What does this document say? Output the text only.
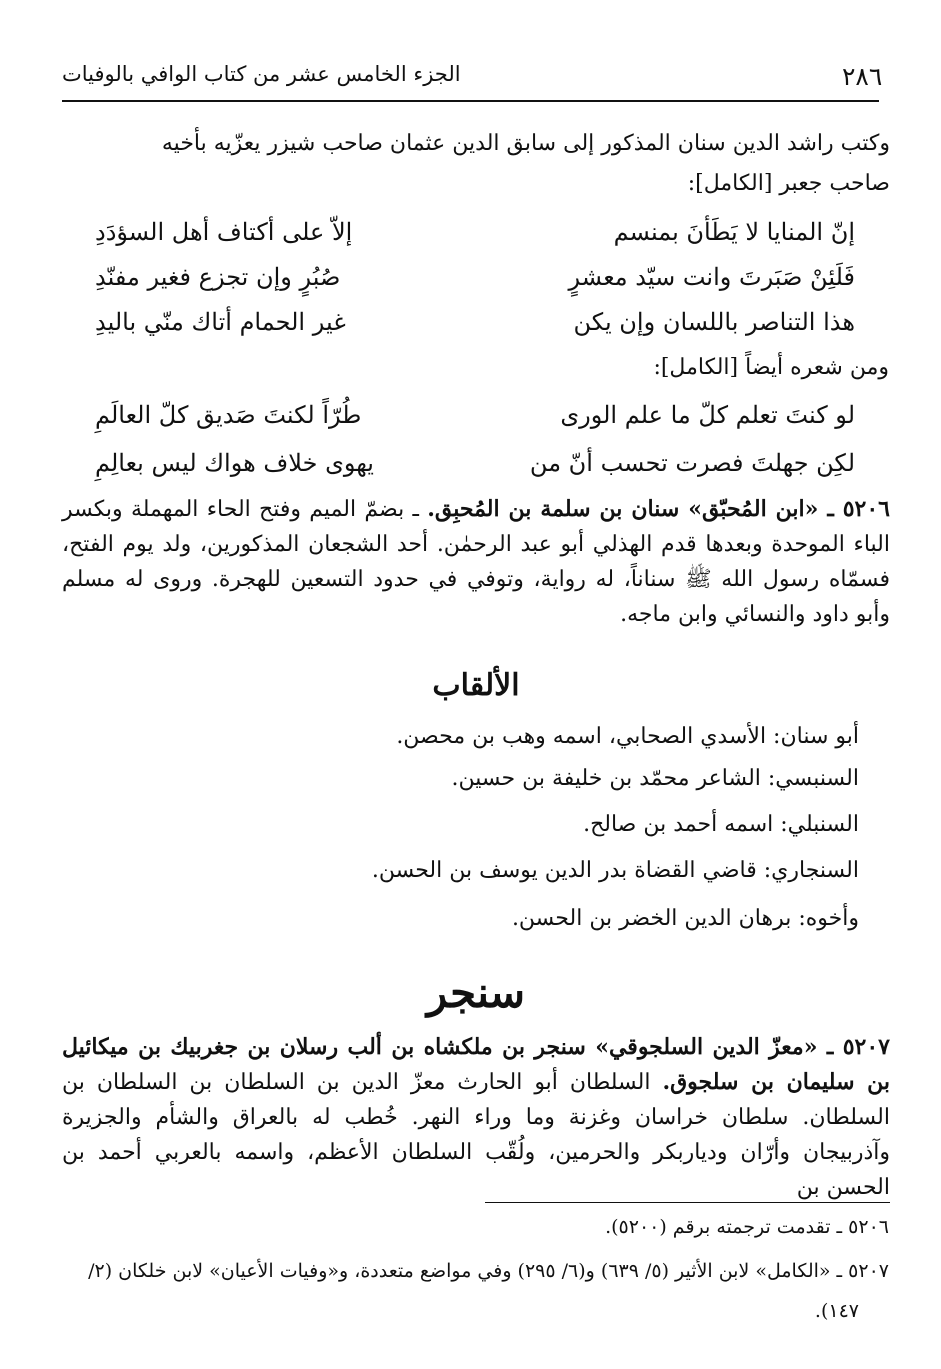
٢٨٦
الجزء الخامس عشر من كتاب الوافي بالوفيات
وكتب راشد الدين سنان المذكور إلى سابق الدين عثمان صاحب شيزر يعزّيه بأخيه
صاحب جعبر [الكامل]:
إنّ المنايا لا يَطَأنَ بمنسم
إلاّ على أكتاف أهل السؤدَدِ
فَلَئِنْ صَبَرتَ وانت سيّد معشرٍ
صُبُرٍ وإن تجزع فغير مفنّدِ
هذا التناصر باللسان وإن يكن
غير الحمام أتاك منّي باليدِ
ومن شعره أيضاً [الكامل]:
لو كنتَ تعلم كلّ ما علم الورى
طُرّاً لكنتَ صَديق كلّ العالَمِ
لكِن جهلتَ فصرت تحسب أنّ من
يهوى خلاف هواك ليس بعالِمِ
٥٢٠٦ ـ «ابن المُحبّق» سنان بن سلمة بن المُحبِق. ـ بضمّ الميم وفتح الحاء المهملة وبكسر الباء الموحدة وبعدها قدم الهذلي أبو عبد الرحمٰن. أحد الشجعان المذكورين، ولد يوم الفتح، فسمّاه رسول الله ﷺ سناناً، له رواية، وتوفي في حدود التسعين للهجرة. وروى له مسلم وأبو داود والنسائي وابن ماجه.
الألقاب
أبو سنان: الأسدي الصحابي، اسمه وهب بن محصن.
السنبسي: الشاعر محمّد بن خليفة بن حسين.
السنبلي: اسمه أحمد بن صالح.
السنجاري: قاضي القضاة بدر الدين يوسف بن الحسن.
وأخوه: برهان الدين الخضر بن الحسن.
سنجر
٥٢٠٧ ـ «معزّ الدين السلجوقي» سنجر بن ملكشاه بن ألب رسلان بن جغربيك بن ميكائيل بن سليمان بن سلجوق. السلطان أبو الحارث معزّ الدين بن السلطان بن السلطان بن السلطان. سلطان خراسان وغزنة وما وراء النهر. خُطب له بالعراق والشأم والجزيرة وآذربيجان وأرّان ودياربكر والحرمين، ولُقّب السلطان الأعظم، واسمه بالعربي أحمد بن الحسن بن
٥٢٠٦ ـ تقدمت ترجمته برقم (٥٢٠٠).
٥٢٠٧ ـ «الكامل» لابن الأثير (٥/ ٦٣٩) و(٦/ ٢٩٥) وفي مواضع متعددة، و«وفيات الأعيان» لابن خلكان (٢/
١٤٧).
